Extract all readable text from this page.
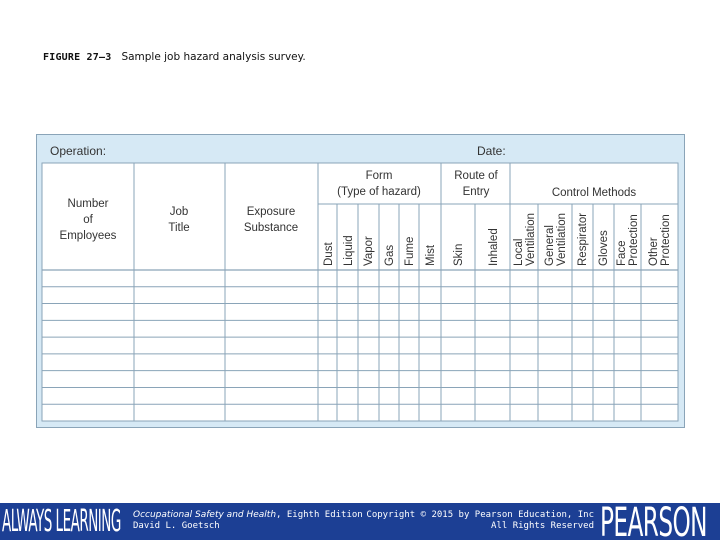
FIGURE 27–3 Sample job hazard analysis survey.
Operation:	Date:
Number
of
Employees
Job
Title
Exposure
Substance
Form
(Type of hazard)
Route of
Entry	Control Methods
Dust Liquid Vapor Gas Fume Mist Skin Inhaled Local Ventilation General Ventilation Respirator Gloves Face Protection Other Protection
ALWAYS LEARNING Occupational Safety and Health, Eighth Edition
David L. Goetsch
Copyright © 2015 by Pearson Education, Inc
All Rights Reserved PEARSON
